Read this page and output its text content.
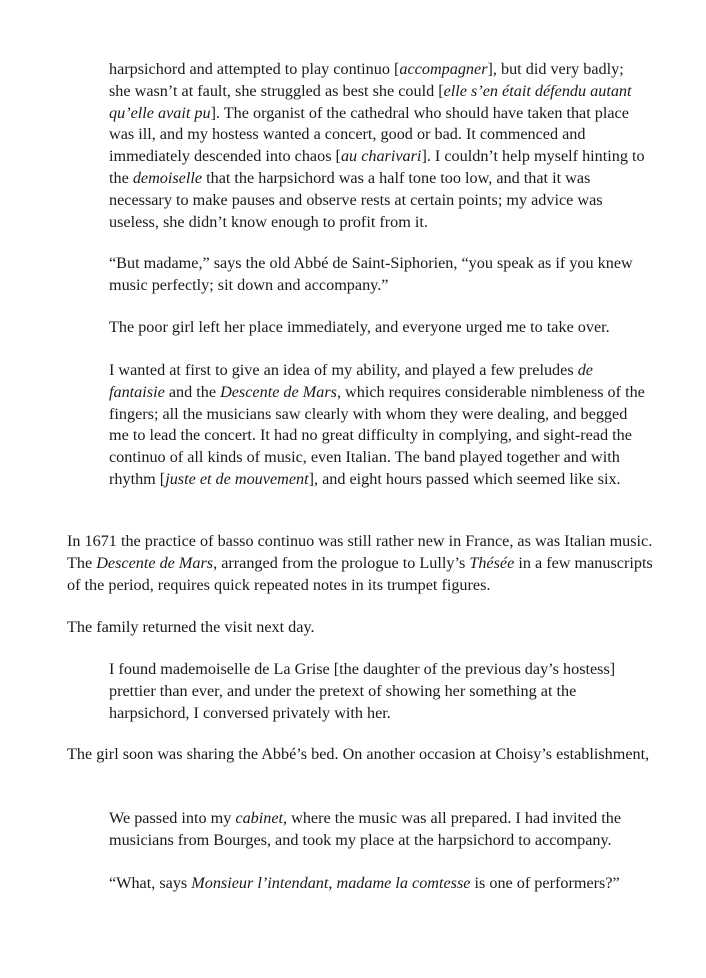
harpsichord and attempted to play continuo [accompagner], but did very badly; she wasn’t at fault, she struggled as best she could [elle s’en était défendu autant qu’elle avait pu]. The organist of the cathedral who should have taken that place was ill, and my hostess wanted a concert, good or bad. It commenced and immediately descended into chaos [au charivari]. I couldn’t help myself hinting to the demoiselle that the harpsichord was a half tone too low, and that it was necessary to make pauses and observe rests at certain points; my advice was useless, she didn’t know enough to profit from it.

“But madame,” says the old Abbé de Saint-Siphorien, “you speak as if you knew music perfectly; sit down and accompany.”

The poor girl left her place immediately, and everyone urged me to take over.

I wanted at first to give an idea of my ability, and played a few preludes de fantaisie and the Descente de Mars, which requires considerable nimbleness of the fingers; all the musicians saw clearly with whom they were dealing, and begged me to lead the concert. It had no great difficulty in complying, and sight-read the continuo of all kinds of music, even Italian. The band played together and with rhythm [juste et de mouvement], and eight hours passed which seemed like six.

In 1671 the practice of basso continuo was still rather new in France, as was Italian music. The Descente de Mars, arranged from the prologue to Lully’s Thésée in a few manuscripts of the period, requires quick repeated notes in its trumpet figures.

The family returned the visit next day.

I found mademoiselle de La Grise [the daughter of the previous day’s hostess] prettier than ever, and under the pretext of showing her something at the harpsichord, I conversed privately with her.

The girl soon was sharing the Abbé’s bed. On another occasion at Choisy’s establishment,

We passed into my cabinet, where the music was all prepared. I had invited the musicians from Bourges, and took my place at the harpsichord to accompany.

“What, says Monsieur l’intendant, madame la comtesse is one of performers?”
